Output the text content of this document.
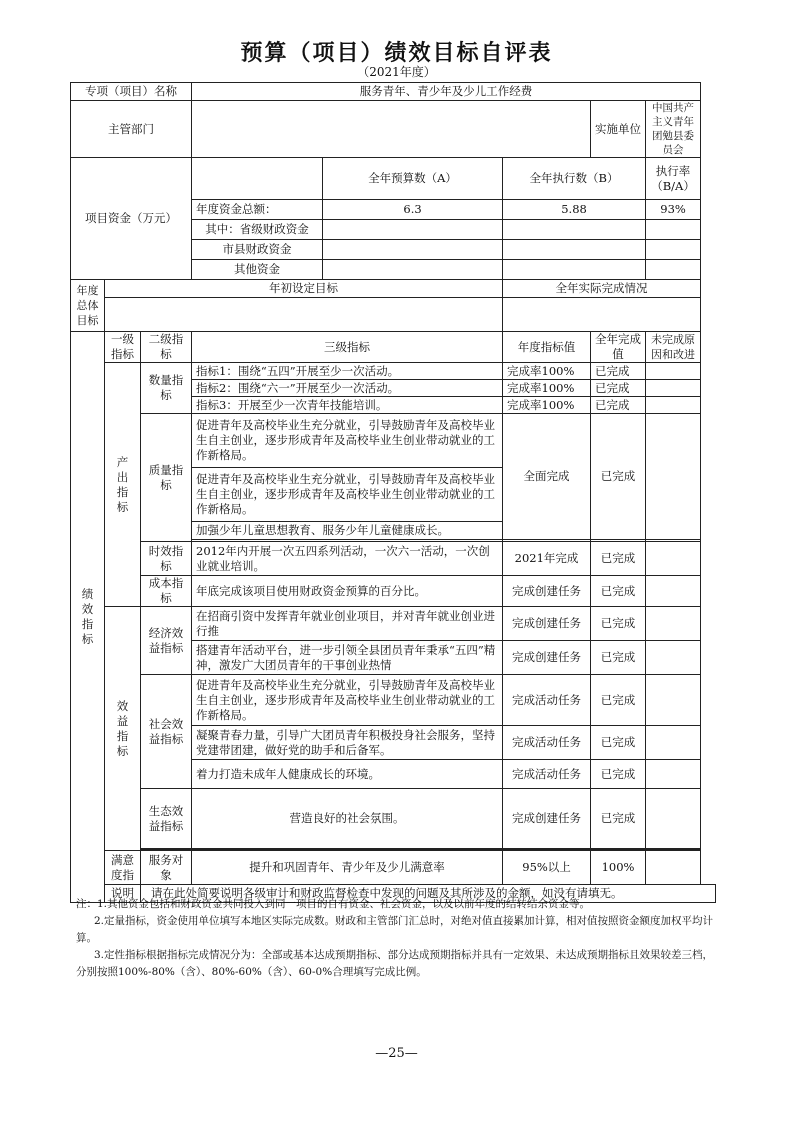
预算（项目）绩效目标自评表
（2021年度）
专项（项目）名称			服务青年、青少年及少儿工作经费				
主管部门						实施单位	中国共产主义青年团勉县委员会
项目资金（万元）				全年预算数（A）	全年执行数（B）		执行率（B/A）
			年度资金总额：	6.3	5.88		93%
			其中：省级财政资金				
			市县财政资金				
			其他资金				
年度总体目标	年初设定目标				全年实际完成情况		

绩效指标	一级指标	二级指标	三级指标		年度指标值	全年完成值	未完成原因和改进
	产出指标	数量指标	指标1：围绕“五四”开展至少一次活动。		完成率100%	已完成	
			指标2：围绕“六一”开展至少一次活动。		完成率100%	已完成	
			指标3：开展至少一次青年技能培训。		完成率100%	已完成	
		质量指标	促进青年及高校毕业生充分就业，引导鼓励青年及高校毕业生自主创业，逐步形成青年及高校毕业生创业带动就业的工作新格局。		全面完成	已完成	
			促进青年及高校毕业生充分就业，引导鼓励青年及高校毕业生自主创业，逐步形成青年及高校毕业生创业带动就业的工作新格局。				
			加强少年儿童思想教育、服务少年儿童健康成长。				

		时效指标	2012年内开展一次五四系列活动，一次六一活动，一次创业就业培训。		2021年完成	已完成	
		成本指标	年底完成该项目使用财政资金预算的百分比。		完成创建任务	已完成	
	效益指标	经济效益指标	在招商引资中发挥青年就业创业项目，并对青年就业创业进行推		完成创建任务	已完成	
			搭建青年活动平台，进一步引领全县团员青年秉承“五四”精神，激发广大团员青年的干事创业热情		完成创建任务	已完成	
		社会效益指标	促进青年及高校毕业生充分就业，引导鼓励青年及高校毕业生自主创业，逐步形成青年及高校毕业生创业带动就业的工作新格局。		完成活动任务	已完成	
			凝聚青春力量，引导广大团员青年积极投身社会服务，坚持党建带团建，做好党的助手和后备军。		完成活动任务	已完成	
			着力打造未成年人健康成长的环境。		完成活动任务	已完成	
		生态效益指标	营造良好的社会氛围。		完成创建任务	已完成	

	满意度指	服务对象	提升和巩固青年、青少年及少儿满意率		95%以上	100%	
	说明	请在此处简要说明各级审计和财政监督检查中发现的问题及其所涉及的金额，如没有请填无。					

注：1.其他资金包括和财政资金共同投入到同一项目的自有资金、社会资金，以及以前年度的结转结余资金等。

2.定量指标，资金使用单位填写本地区实际完成数。财政和主管部门汇总时，对绝对值直接累加计算，相对值按照资金额度加权平均计算。

3.定性指标根据指标完成情况分为：全部或基本达成预期指标、部分达成预期指标并具有一定效果、未达成预期指标且效果较差三档，分别按照100%-80%（含）、80%-60%（含）、60-0%合理填写完成比例。

—25—
